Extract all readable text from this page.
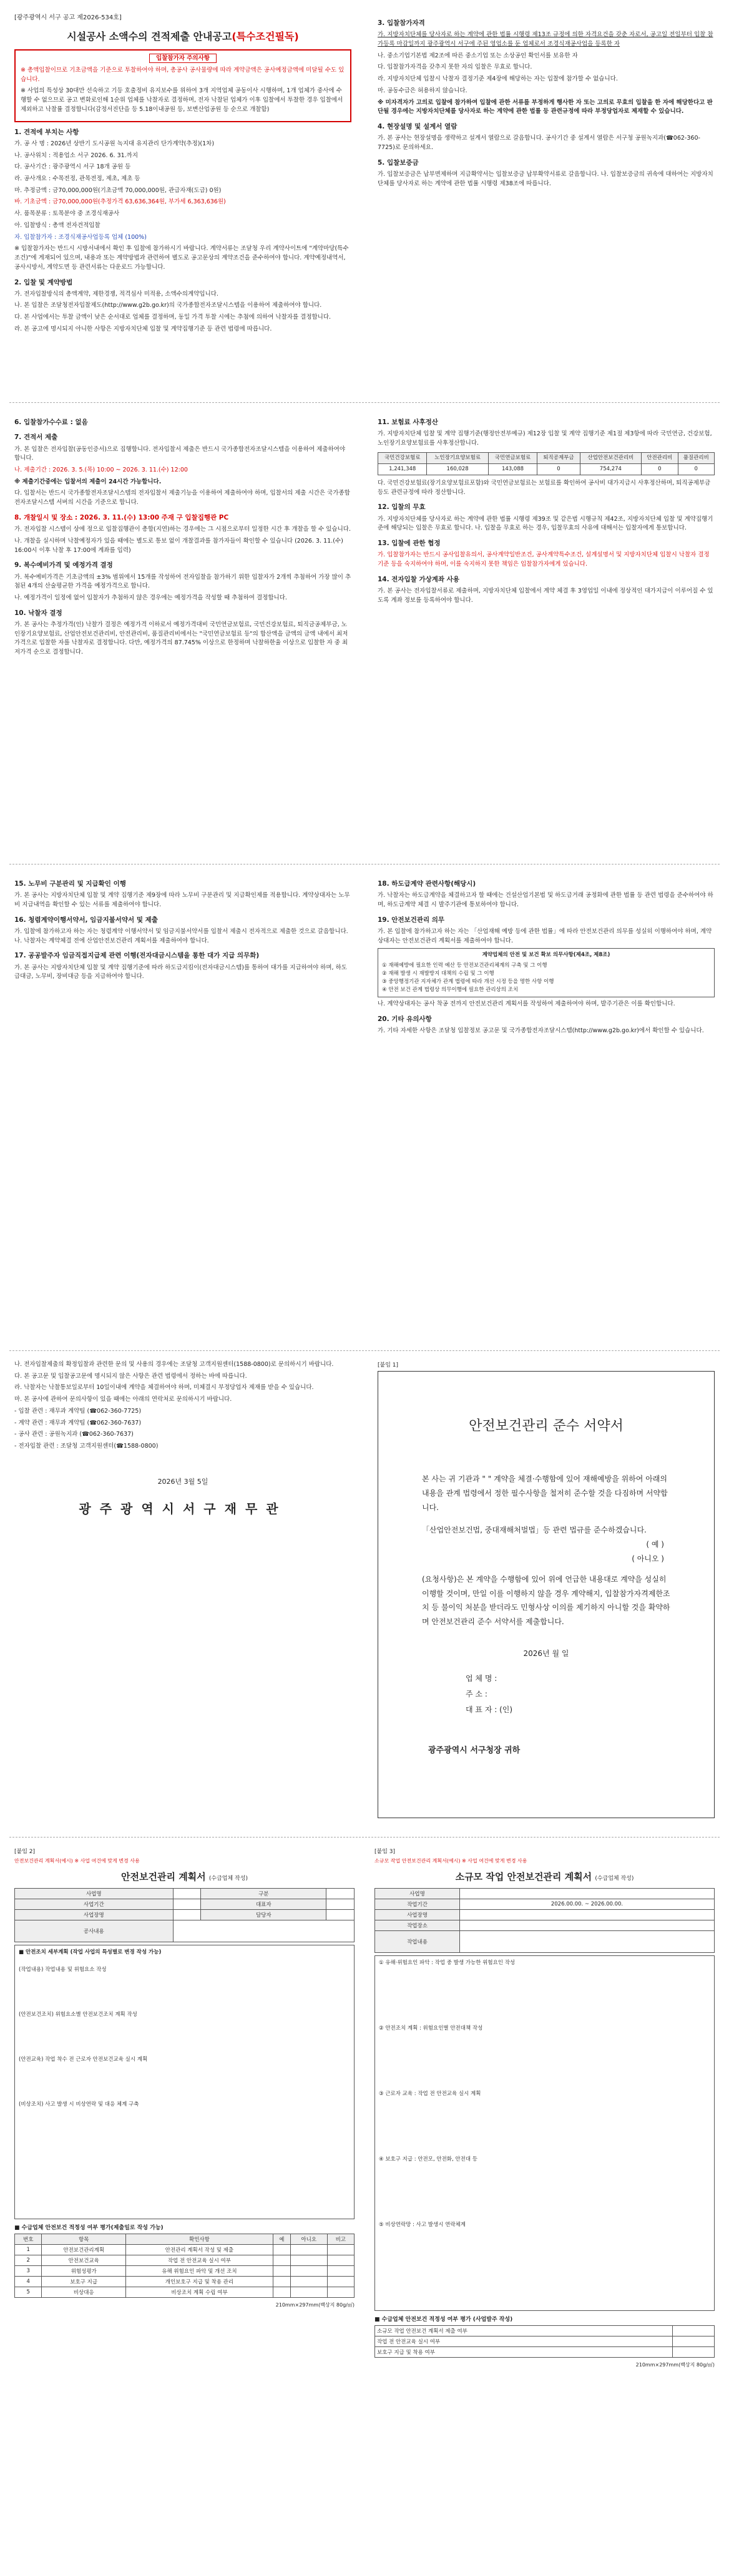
[광주광역시 서구 공고 제2026-534호]
시설공사 소액수의 견적제출 안내공고(특수조건필독)
입찰참가자 주의사항

※ 총액입찰이므로 기초금액을 기준으로 투찰하여야 하며, 총공사 공사물량에 따라 계약금액은 공사예정금액에 미달될 수도 있습니다.

※ 사업의 특성상 30대만 선숙하고 기등 호출정비 유지보수를 위하여 3개 지역업체 공동이사 시행하며, 1개 업체가 중사에 수행할 수 없으므로 공고 변화로인해 1순위 업체를 낙찰자로 결정하며, 전자 낙찰된 업체가 이후 입찰에서 투찰한 경우 입찰에서 제외하고 낙찰률 결정합니다(감정서진단을 등 5.18이내공원 등, 보변산업공원 등 순으로 개찰함)

1. 견적에 부치는 사항

가. 공 사 명 : 2026년 상반기 도시공원 녹지대 유지관리 단가계약(추정)(1차)

나. 공사위치 : 적용업소 서구 2026. 6. 31.까지

다. 공사기간 : 광주광역시 서구 18개 공원 등

라. 공사개요 : 수목전정, 관목전정, 제초, 제초 등

마. 추정금액 : 금70,000,000원(기초금액 70,000,000원, 관급자재(도급) 0원)

바. 기초금액 : 금70,000,000원(추정가격 63,636,364원, 부가세 6,363,636원)

사. 품목분류 : 토목분야 중 조경식재공사

아. 입찰방식 : 총액 전자견적입찰

자. 입찰참가자 : 조경식재공사업등록 업체 (100%)

※ 입찰참가자는 반드시 시방서내에서 확인 후 입찰에 참가하시기 바랍니다. 계약서류는 조달청 우리 계약사이트에 "계약마당(특수조건)"에 게재되어 있으며, 내용과 또는 계약방법과 관련하여 별도로 공고문상의 계약조건을 준수하여야 합니다. 계약예정내역서, 공사시방서, 계약도면 등 관련서류는 다운로드 가능합니다.

2. 입찰 및 계약방법

가. 전자입찰방식의 총액계약, 제한경쟁, 적격심사 미적용, 소액수의계약입니다.

나. 본 입찰은 조달청전자입찰제도(http://www.g2b.go.kr)의 국가종합전자조달시스템을 이용하여 제출하여야 합니다.

다. 본 사업에서는 투찰 금액이 낮은 순서대로 업체를 결정하며, 동일 가격 투찰 시에는 추첨에 의하여 낙찰자를 결정합니다.

라. 본 공고에 명시되지 아니한 사항은 지방자치단체 입찰 및 계약집행기준 등 관련 법령에 따릅니다.

3. 입찰참가자격

가. 지방자치단체를 당사자로 하는 계약에 관한 법률 시행령 제13조 규정에 의한 자격요건을 갖춘 자로서, 공고일 전일부터 입찰 참가등록 마감일까지 광주광역시 서구에 주된 영업소를 둔 업체로서 조경식재공사업을 등록한 자

나. 중소기업기본법 제2조에 따른 중소기업 또는 소상공인 확인서를 보유한 자

다. 입찰참가자격을 갖추지 못한 자의 입찰은 무효로 합니다.

라. 지방자치단체 입찰시 낙찰자 결정기준 제4장에 해당하는 자는 입찰에 참가할 수 없습니다.

마. 공동수급은 허용하지 않습니다.

※ 미자격자가 고의로 입찰에 참가하여 입찰에 관한 서류를 부정하게 행사한 자 또는 고의로 무효의 입찰을 한 자에 해당한다고 판단될 경우에는 지방자치단체를 당사자로 하는 계약에 관한 법률 등 관련규정에 따라 부정당업자로 제재할 수 있습니다.

4. 현장설명 및 설계서 열람

가. 본 공사는 현장설명을 생략하고 설계서 열람으로 갈음합니다. 공사기간 중 설계서 열람은 서구청 공원녹지과(☎062-360-7725)로 문의하세요.

5. 입찰보증금

가. 입찰보증금은 납부면제하며 지급확약서는 입찰보증금 납부확약서류로 갈음합니다. 나. 입찰보증금의 귀속에 대하여는 지방자치단체를 당사자로 하는 계약에 관한 법률 시행령 제38조에 따릅니다.

6. 입찰참가수수료 : 없음
7. 견적서 제출

가. 본 입찰은 전자입찰(공동인증서)으로 집행합니다. 전자입찰서 제출은 반드시 국가종합전자조달시스템을 이용하여 제출하여야 합니다.

나. 제출기간 : 2026. 3. 5.(목) 10:00 ~ 2026. 3. 11.(수) 12:00

※ 제출기간중에는 입찰서의 제출이 24시간 가능합니다.

다. 입찰서는 반드시 국가종합전자조달시스템의 전자입찰서 제출기능을 이용하여 제출하여야 하며, 입찰서의 제출 시간은 국가종합전자조달시스템 서버의 시간을 기준으로 합니다.

8. 개찰일시 및 장소 : 2026. 3. 11.(수) 13:00 주재 구 입찰집행관 PC

가. 전자입찰 시스템이 상에 정으로 입찰집행관이 총합(지연)하는 경우에는 그 시점으로부터 일정한 시간 후 개찰을 할 수 있습니다.

나. 개찰을 실시하며 낙찰예정자가 있을 때에는 별도로 통보 없이 개찰결과를 참가자들이 확인할 수 있습니다 (2026. 3. 11.(수) 16:00시 이후 낙찰 후 17:00에 계좌를 입력)

9. 복수예비가격 및 예정가격 결정

가. 복수예비가격은 기초금액의 ±3% 범위에서 15개를 작성하여 전자입찰을 참가하기 위한 입찰자가 2개씩 추첨하여 가장 많이 추첨된 4개의 산술평균한 가격을 예정가격으로 합니다.

나. 예정가격이 일정에 없어 입찰자가 추첨하지 않은 경우에는 예정가격을 작성할 때 추첨하여 결정합니다.

10. 낙찰자 결정

가. 본 공사는 추정가격(인) 낙찰가 결정은 예정가격 이하로서 예정가격대비 국민연금보험료, 국민건강보험료, 퇴직금공제부금, 노인장기요양보험료, 산업안전보건관리비, 안전관리비, 품질관리비에서는 "국민연금보험료 등"의 합산액을 금액의 금액 내에서 최저가격으로 입찰한 자를 낙찰자로 결정합니다. 다만, 예정가격의 87.745% 이상으로 한정하며 낙찰하한율 이상으로 입찰한 자 중 최저가격 순으로 결정합니다.

11. 보험료 사후정산

가. 지방자치단체 입찰 및 계약 집행기준(행정안전부예규) 제12장 입찰 및 계약 집행기준 제1절 제3항에 따라 국민연금, 건강보험, 노인장기요양보험료를 사후정산합니다.

국민건강보험료	노인장기요양보험료	국민연금보험료	퇴직공제부금	산업안전보건관리비	안전관리비	품질관리비
1,241,348	160,028	143,088	0	754,274	0	0

다. 국민건강보험료(장기요양보험료포함)와 국민연금보험료는 보험료를 확인하여 공사비 대가지급시 사후정산하며, 퇴직공제부금 등도 관련규정에 따라 정산합니다.

12. 입찰의 무효

가. 지방자치단체를 당사자로 하는 계약에 관한 법률 시행령 제39조 및 같은법 시행규칙 제42조, 지방자치단체 입찰 및 계약집행기준에 해당되는 입찰은 무효로 합니다. 나. 입찰을 무효로 하는 경우, 입찰무효의 사유에 대해서는 입찰자에게 통보합니다.

13. 입찰에 관한 협정

가. 입찰참가자는 반드시 공사입찰유의서, 공사계약일반조건, 공사계약특수조건, 설계설명서 및 지방자치단체 입찰시 낙찰자 결정기준 등을 숙지하여야 하며, 이를 숙지하지 못한 책임은 입찰참가자에게 있습니다.

14. 전자입찰 가상계좌 사용

가. 본 공사는 전자입찰서류로 제출하며, 지방자치단체 입찰에서 계약 체결 후 3영업일 이내에 정상적인 대가지급이 이루어질 수 있도록 계좌 정보를 등록하여야 합니다.

15. 노무비 구분관리 및 지급확인 이행

가. 본 공사는 지방자치단체 입찰 및 계약 집행기준 제9장에 따라 노무비 구분관리 및 지급확인제를 적용합니다. 계약상대자는 노무비 지급내역을 확인할 수 있는 서류를 제출하여야 합니다.

16. 청렴계약이행서약서, 임금지불서약서 및 제출

가. 입찰에 참가하고자 하는 자는 청렴계약 이행서약서 및 임금지불서약서를 입찰서 제출시 전자적으로 제출한 것으로 갈음합니다. 나. 낙찰자는 계약체결 전에 산업안전보건관리 계획서를 제출하여야 합니다.

17. 공공발주자 임금직접지급제 관련 이행(전자대금시스템을 통한 대가 지급 의무화)

가. 본 공사는 지방자치단체 입찰 및 계약 집행기준에 따라 하도급지킴이(전자대금시스템)를 통하여 대가를 지급하여야 하며, 하도급대금, 노무비, 장비대금 등을 지급하여야 합니다.

18. 하도급계약 관련사항(해당시)

가. 낙찰자는 하도급계약을 체결하고자 할 때에는 건설산업기본법 및 하도급거래 공정화에 관한 법률 등 관련 법령을 준수하여야 하며, 하도급계약 체결 시 발주기관에 통보하여야 합니다.

19. 안전보건관리 의무

가. 본 입찰에 참가하고자 하는 자는 「산업재해 예방 등에 관한 법률」에 따라 안전보건관리 의무를 성실히 이행하여야 하며, 계약상대자는 안전보건관리 계획서를 제출하여야 합니다.

계약업체의 안전 및 보건 확보 의무사항(제4조, 제8조)
① 재해예방에 필요한 인력 예산 등 안전보건관리체계의 구축 및 그 이행
② 재해 발생 시 재발방지 대책의 수립 및 그 이행
③ 중앙행정기관 지자체가 관계 법령에 따라 개선 시정 등을 명한 사항 이행
④ 안전 보건 관계 법령상 의무이행에 필요한 관리상의 조치

나. 계약상대자는 공사 착공 전까지 안전보건관리 계획서를 작성하여 제출하여야 하며, 발주기관은 이를 확인합니다.

20. 기타 유의사항

가. 기타 자세한 사항은 조달청 입찰정보 공고문 및 국가종합전자조달시스템(http://www.g2b.go.kr)에서 확인할 수 있습니다.

나. 전자입찰제출의 확정입찰과 관련한 문의 및 사용의 경우에는 조달청 고객지원센터(1588-0800)로 문의하시기 바랍니다.

다. 본 공고문 및 입찰공고문에 명시되지 않은 사항은 관련 법령에서 정하는 바에 따릅니다.

라. 낙찰자는 낙찰통보일로부터 10일이내에 계약을 체결하여야 하며, 미체결시 부정당업자 제재를 받을 수 있습니다.

마. 본 공사에 관하여 문의사항이 있을 때에는 아래의 연락처로 문의하시기 바랍니다.

- 입찰 관련 : 재무과 계약팀 (☎062-360-7725)

- 계약 관련 : 재무과 계약팀 (☎062-360-7637)

- 공사 관련 : 공원녹지과 (☎062-360-7637)

- 전자입찰 관련 : 조달청 고객지원센터(☎1588-0800)

2026년 3월 5일
광주광역시서구재무관
[붙임 1]
안전보건관리 준수 서약서
본 사는 귀 기관과 " " 계약을 체결·수행함에 있어 재해예방을 위하여 아래의 내용을 관계 법령에서 정한 필수사항을 철저히 준수할 것을 다짐하며 서약합니다.
「산업안전보건법, 중대재해처벌법」등 관련 법규를 준수하겠습니다.
( 예 )
( 아니오 )
(요청사항)은 본 계약을 수행함에 있어 위에 언급한 내용대로 계약을 성실히 이행할 것이며, 만일 이를 이행하지 않을 경우 계약해지, 입찰참가자격제한조치 등 불이익 처분을 받더라도 민형사상 이의를 제기하지 아니할 것을 확약하며 안전보건관리 준수 서약서를 제출합니다.
2026년 월 일
업 체 명 :
주 소 :
대 표 자 : (인)
광주광역시 서구청장 귀하
[붙임 2]
안전보건관리 계획서(예시) ※ 사업 여건에 맞게 변경 사용
안전보건관리 계획서 (수급업체 작성)
사업명		구분	
사업기간		대표자	
사업장명		담당자	
공사내용			
■ 안전조치 세부계획 (작업 사업의 특성별로 변경 작성 가능)
(작업내용) 작업내용 및 위험요소 작성
(안전보건조치) 위험요소별 안전보건조치 계획 작성
(안전교육) 작업 착수 전 근로자 안전보건교육 실시 계획
(비상조치) 사고 발생 시 비상연락 및 대응 체계 구축
■ 수급업체 안전보건 적정성 여부 평가(제출일로 작성 가능)
번호	항목	확인사항	예	아니오	비고
1	안전보건관리계획	안전관리 계획서 작성 및 제출			
2	안전보건교육	작업 전 안전교육 실시 여부			
3	위험성평가	유해 위험요인 파악 및 개선 조치			
4	보호구 지급	개인보호구 지급 및 착용 관리			
5	비상대응	비상조치 계획 수립 여부			
210mm×297mm(백상지 80g/㎡)
[붙임 3]
소규모 작업 안전보건관리 계획서(예시) ※ 사업 여건에 맞게 변경 사용
소규모 작업 안전보건관리 계획서 (수급업체 작성)
사업명	
작업기간	2026.00.00. ~ 2026.00.00.
사업장명	
작업장소	
작업내용	
① 유해·위험요인 파악 : 작업 중 발생 가능한 위험요인 작성
② 안전조치 계획 : 위험요인별 안전대책 작성
③ 근로자 교육 : 작업 전 안전교육 실시 계획
④ 보호구 지급 : 안전모, 안전화, 안전대 등
⑤ 비상연락망 : 사고 발생시 연락체계
■ 수급업체 안전보건 적정성 여부 평가 (사업발주 작성)
소규모 작업 안전보건 계획서 제출 여부	
작업 전 안전교육 실시 여부	
보호구 지급 및 착용 여부	
210mm×297mm(백상지 80g/㎡)
